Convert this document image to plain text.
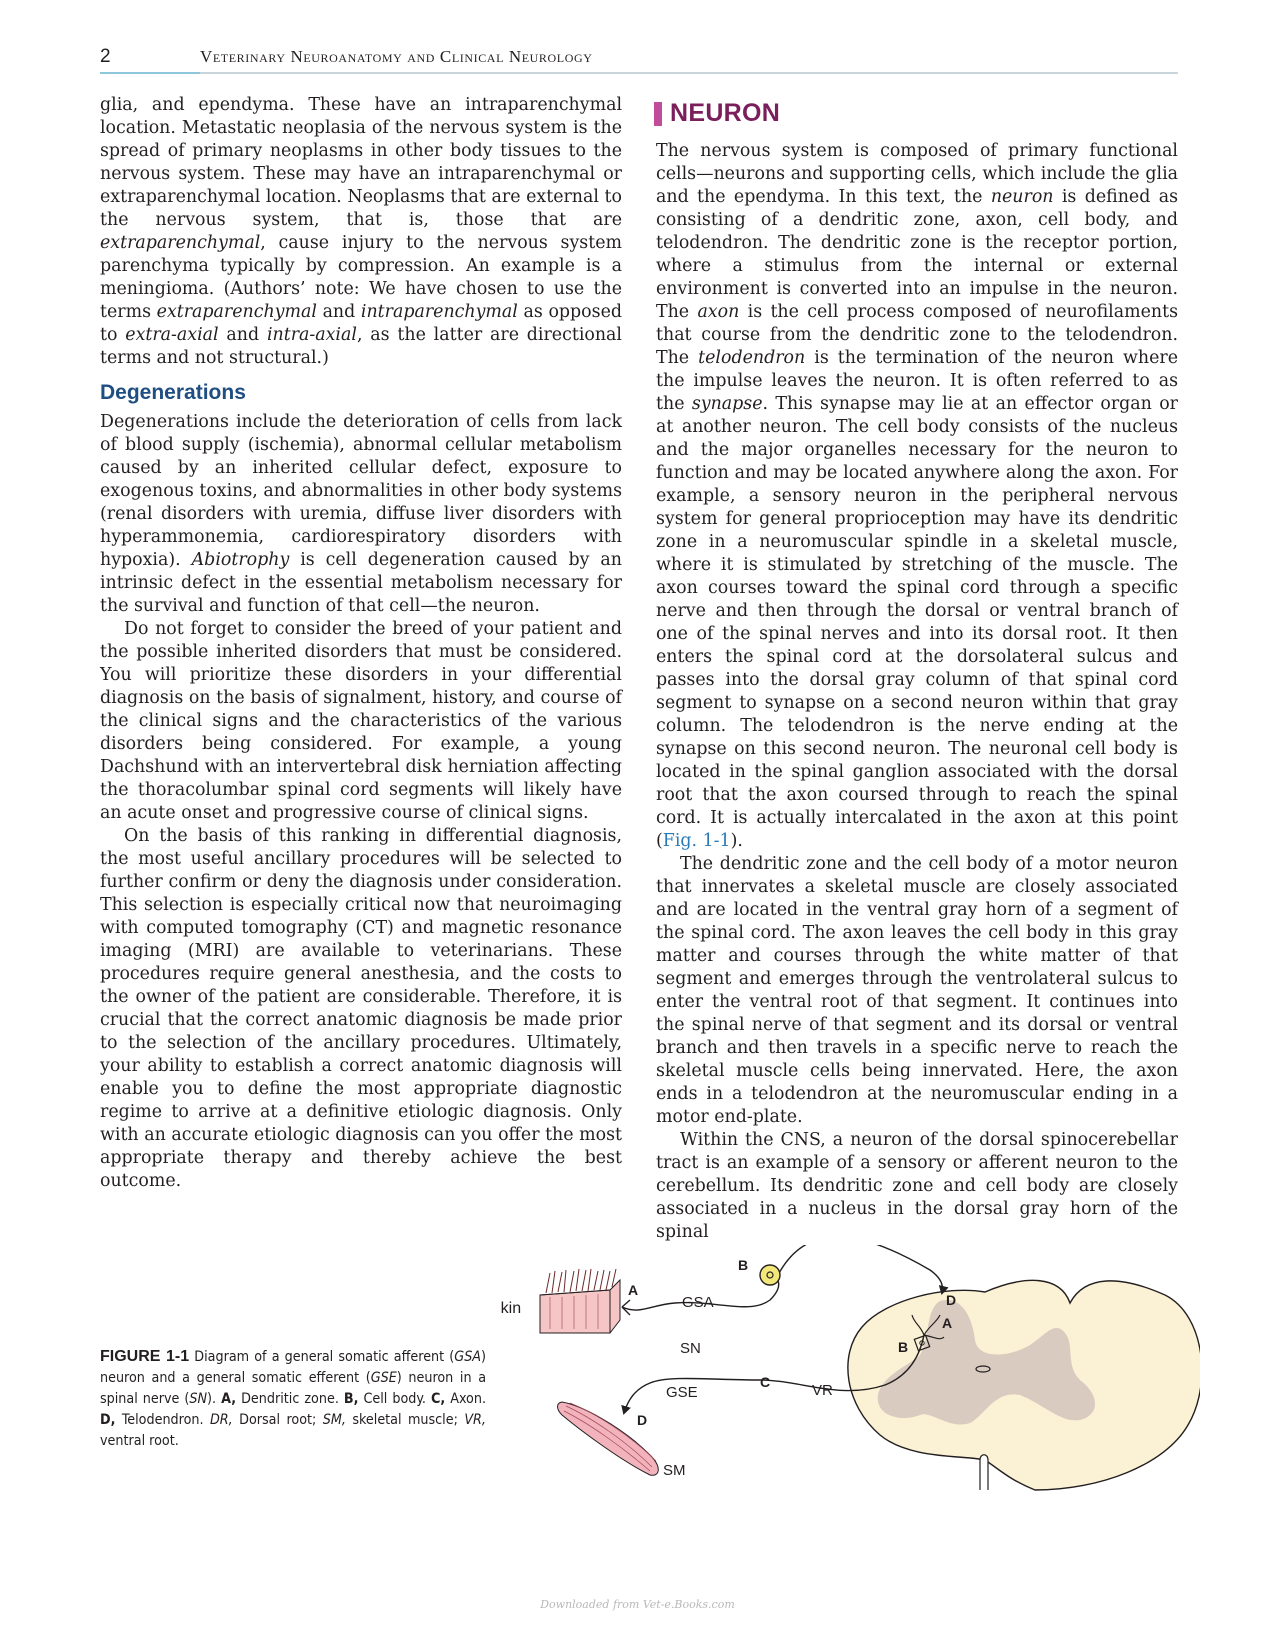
2	Veterinary Neuroanatomy and Clinical Neurology

glia, and ependyma. These have an intraparenchymal location. Metastatic neoplasia of the nervous system is the spread of primary neoplasms in other body tissues to the nervous system. These may have an intraparenchymal or extraparenchymal location. Neoplasms that are external to the nervous system, that is, those that are extraparenchymal, cause injury to the nervous system parenchyma typically by compression. An example is a meningioma. (Authors’ note: We have chosen to use the terms extraparenchymal and intraparenchymal as opposed to extra-axial and intra-axial, as the latter are directional terms and not structural.)

Degenerations

Degenerations include the deterioration of cells from lack of blood supply (ischemia), abnormal cellular metabolism caused by an inherited cellular defect, exposure to exogenous toxins, and abnormalities in other body systems (renal disorders with uremia, diffuse liver disorders with hyperammonemia, cardiorespiratory disorders with hypoxia). Abiotrophy is cell degeneration caused by an intrinsic defect in the essential metabolism necessary for the survival and function of that cell—the neuron.

Do not forget to consider the breed of your patient and the possible inherited disorders that must be considered. You will prioritize these disorders in your differential diagnosis on the basis of signalment, history, and course of the clinical signs and the characteristics of the various disorders being considered. For example, a young Dachshund with an intervertebral disk herniation affecting the thoracolumbar spinal cord segments will likely have an acute onset and progressive course of clinical signs.

On the basis of this ranking in differential diagnosis, the most useful ancillary procedures will be selected to further confirm or deny the diagnosis under consideration. This selection is especially critical now that neuroimaging with computed tomography (CT) and magnetic resonance imaging (MRI) are available to veterinarians. These procedures require general anesthesia, and the costs to the owner of the patient are considerable. Therefore, it is crucial that the correct anatomic diagnosis be made prior to the selection of the ancillary procedures. Ultimately, your ability to establish a correct anatomic diagnosis will enable you to define the most appropriate diagnostic regime to arrive at a definitive etiologic diagnosis. Only with an accurate etiologic diagnosis can you offer the most appropriate therapy and thereby achieve the best outcome.

NEURON

The nervous system is composed of primary functional cells—neurons and supporting cells, which include the glia and the ependyma. In this text, the neuron is defined as consisting of a dendritic zone, axon, cell body, and telodendron. The dendritic zone is the receptor portion, where a stimulus from the internal or external environment is converted into an impulse in the neuron. The axon is the cell process composed of neurofilaments that course from the dendritic zone to the telodendron. The telodendron is the termination of the neuron where the impulse leaves the neuron. It is often referred to as the synapse. This synapse may lie at an effector organ or at another neuron. The cell body consists of the nucleus and the major organelles necessary for the neuron to function and may be located anywhere along the axon. For example, a sensory neuron in the peripheral nervous system for general proprioception may have its dendritic zone in a neuromuscular spindle in a skeletal muscle, where it is stimulated by stretching of the muscle. The axon courses toward the spinal cord through a specific nerve and then through the dorsal or ventral branch of one of the spinal nerves and into its dorsal root. It then enters the spinal cord at the dorsolateral sulcus and passes into the dorsal gray column of that spinal cord segment to synapse on a second neuron within that gray column. The telodendron is the nerve ending at the synapse on this second neuron. The neuronal cell body is located in the spinal ganglion associated with the dorsal root that the axon coursed through to reach the spinal cord. It is actually intercalated in the axon at this point (Fig. 1-1).

The dendritic zone and the cell body of a motor neuron that innervates a skeletal muscle are closely associated and are located in the ventral gray horn of a segment of the spinal cord. The axon leaves the cell body in this gray matter and courses through the white matter of that segment and emerges through the ventrolateral sulcus to enter the ventral root of that segment. It continues into the spinal nerve of that segment and its dorsal or ventral branch and then travels in a specific nerve to reach the skeletal muscle cells being innervated. Here, the axon ends in a telodendron at the neuromuscular ending in a motor end-plate.

Within the CNS, a neuron of the dorsal spinocerebellar tract is an example of a sensory or afferent neuron to the cerebellum. Its dendritic zone and cell body are closely associated in a nucleus in the dorsal gray horn of the spinal

FIGURE 1-1 Diagram of a general somatic afferent (GSA) neuron and a general somatic efferent (GSE) neuron in a spinal nerve (SN). A, Dendritic zone. B, Cell body. C, Axon. D, Telodendron. DR, Dorsal root; SM, skeletal muscle; VR, ventral root.
kin	GSA
SN
GSE	VR
SM
A
B
D
A
B
C
D
Downloaded from Vet-e.Books.com
